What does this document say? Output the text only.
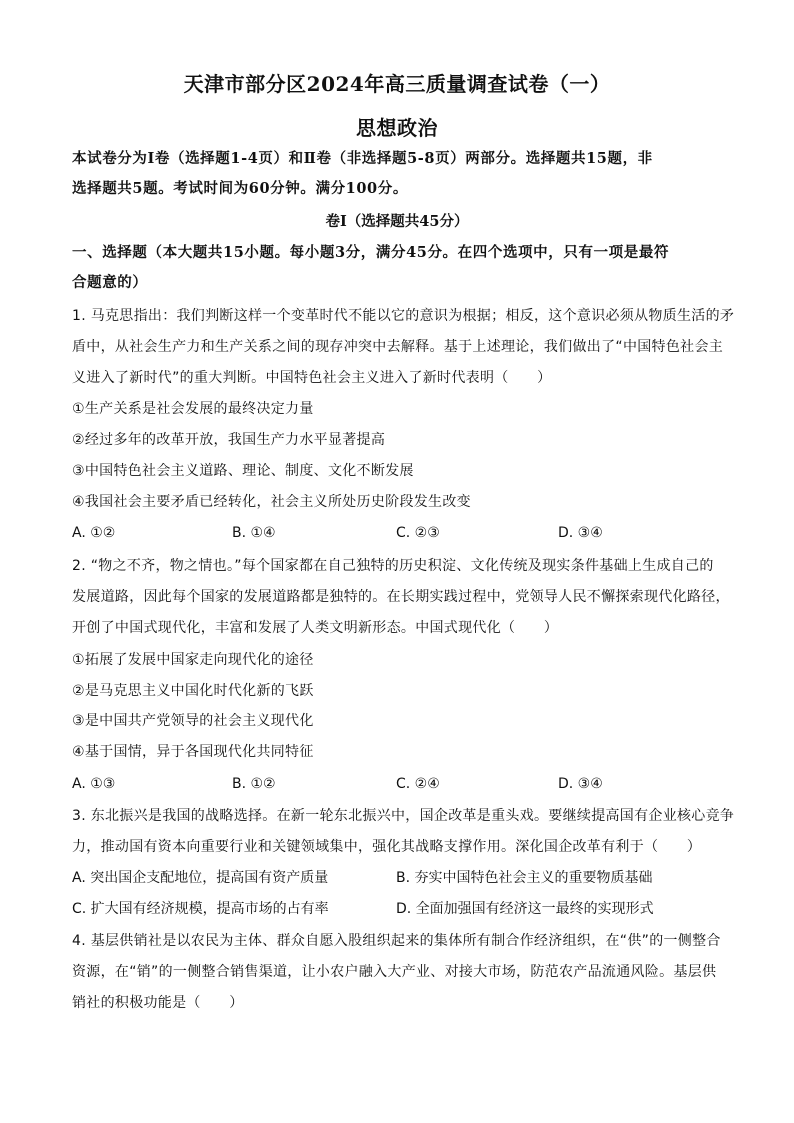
天津市部分区2024年高三质量调查试卷（一）
思想政治
本试卷分为Ⅰ卷（选择题1-4页）和Ⅱ卷（非选择题5-8页）两部分。选择题共15题，非
选择题共5题。考试时间为60分钟。满分100分。
卷Ⅰ（选择题共45分）
一、选择题（本大题共15小题。每小题3分，满分45分。在四个选项中，只有一项是最符
合题意的）
1. 马克思指出：我们判断这样一个变革时代不能以它的意识为根据；相反，这个意识必须从物质生活的矛
盾中，从社会生产力和生产关系之间的现存冲突中去解释。基于上述理论，我们做出了“中国特色社会主
义进入了新时代”的重大判断。中国特色社会主义进入了新时代表明（　　）
①生产关系是社会发展的最终决定力量
②经过多年的改革开放，我国生产力水平显著提高
③中国特色社会主义道路、理论、制度、文化不断发展
④我国社会主要矛盾已经转化，社会主义所处历史阶段发生改变
A. ①②	B. ①④	C. ②③	D. ③④
2. “物之不齐，物之情也。”每个国家都在自己独特的历史积淀、文化传统及现实条件基础上生成自己的
发展道路，因此每个国家的发展道路都是独特的。在长期实践过程中，党领导人民不懈探索现代化路径，
开创了中国式现代化，丰富和发展了人类文明新形态。中国式现代化（　　）
①拓展了发展中国家走向现代化的途径
②是马克思主义中国化时代化新的飞跃
③是中国共产党领导的社会主义现代化
④基于国情，异于各国现代化共同特征
A. ①③	B. ①②	C. ②④	D. ③④
3. 东北振兴是我国的战略选择。在新一轮东北振兴中，国企改革是重头戏。要继续提高国有企业核心竞争
力，推动国有资本向重要行业和关键领域集中，强化其战略支撑作用。深化国企改革有利于（　　）
A. 突出国企支配地位，提高国有资产质量	B. 夯实中国特色社会主义的重要物质基础
C. 扩大国有经济规模，提高市场的占有率	D. 全面加强国有经济这一最终的实现形式
4. 基层供销社是以农民为主体、群众自愿入股组织起来的集体所有制合作经济组织，在“供”的一侧整合
资源，在“销”的一侧整合销售渠道，让小农户融入大产业、对接大市场，防范农产品流通风险。基层供
销社的积极功能是（　　）
